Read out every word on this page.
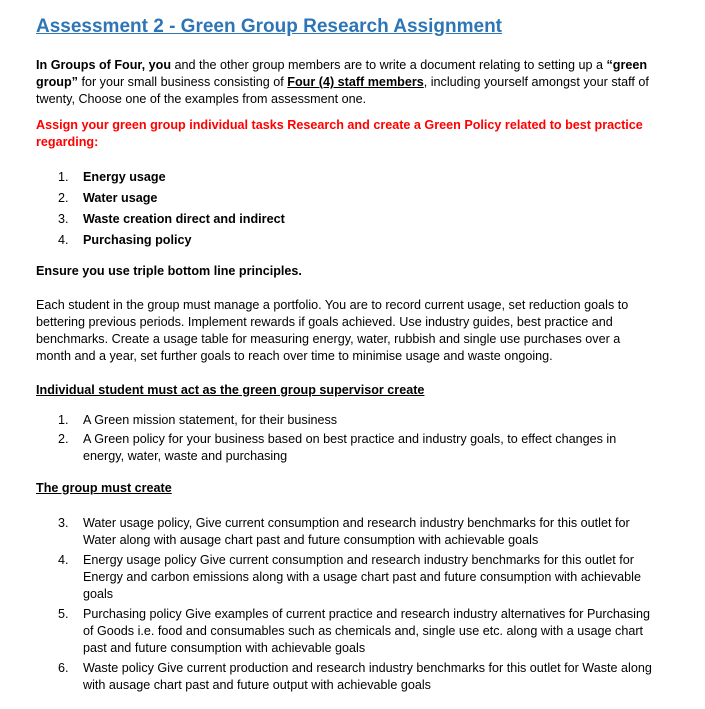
Assessment 2 - Green Group Research Assignment

In Groups of Four, you and the other group members are to write a document relating to setting up a “green group” for your small business consisting of Four (4) staff members, including yourself amongst your staff of twenty, Choose one of the examples from assessment one.

Assign your green group individual tasks Research and create a Green Policy related to best practice regarding:

1. Energy usage
2. Water usage
3. Waste creation direct and indirect
4. Purchasing policy

Ensure you use triple bottom line principles.

Each student in the group must manage a portfolio. You are to record current usage, set reduction goals to bettering previous periods. Implement rewards if goals achieved. Use industry guides, best practice and benchmarks. Create a usage table for measuring energy, water, rubbish and single use purchases over a month and a year, set further goals to reach over time to minimise usage and waste ongoing.

Individual student must act as the green group supervisor create

1. A Green mission statement, for their business
2. A Green policy for your business based on best practice and industry goals, to effect changes in energy, water, waste and purchasing

The group must create

3. Water usage policy, Give current consumption and research industry benchmarks for this outlet for Water along with ausage chart past and future consumption with achievable goals
4. Energy usage policy Give current consumption and research industry benchmarks for this outlet for Energy and carbon emissions along with a usage chart past and future consumption with achievable goals
5. Purchasing policy Give examples of current practice and research industry alternatives for Purchasing of Goods i.e. food and consumables such as chemicals and, single use etc. along with a usage chart past and future consumption with achievable goals
6. Waste policy Give current production and research industry benchmarks for this outlet for Waste along with ausage chart past and future output with achievable goals
